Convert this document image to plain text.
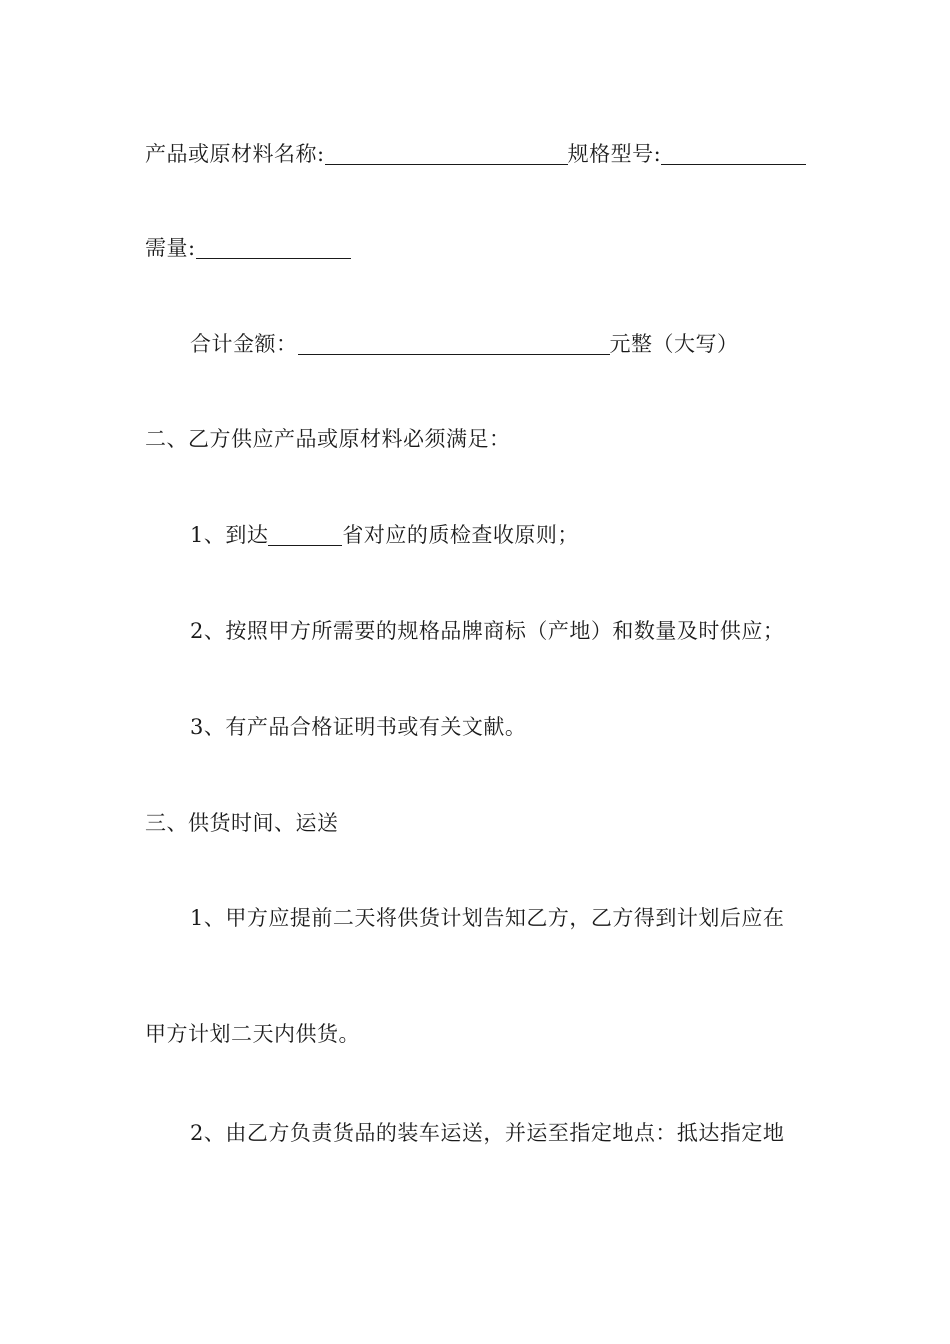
产品或原材料名称:	规格型号:
需量:
合计金额：	元整（大写）
二、乙方供应产品或原材料必须满足：
1、到达	省对应的质检查收原则；
2、按照甲方所需要的规格品牌商标（产地）和数量及时供应；
3、有产品合格证明书或有关文献。
三、供货时间、运送
1、甲方应提前二天将供货计划告知乙方，乙方得到计划后应在
甲方计划二天内供货。
2、由乙方负责货品的装车运送，并运至指定地点：抵达指定地
